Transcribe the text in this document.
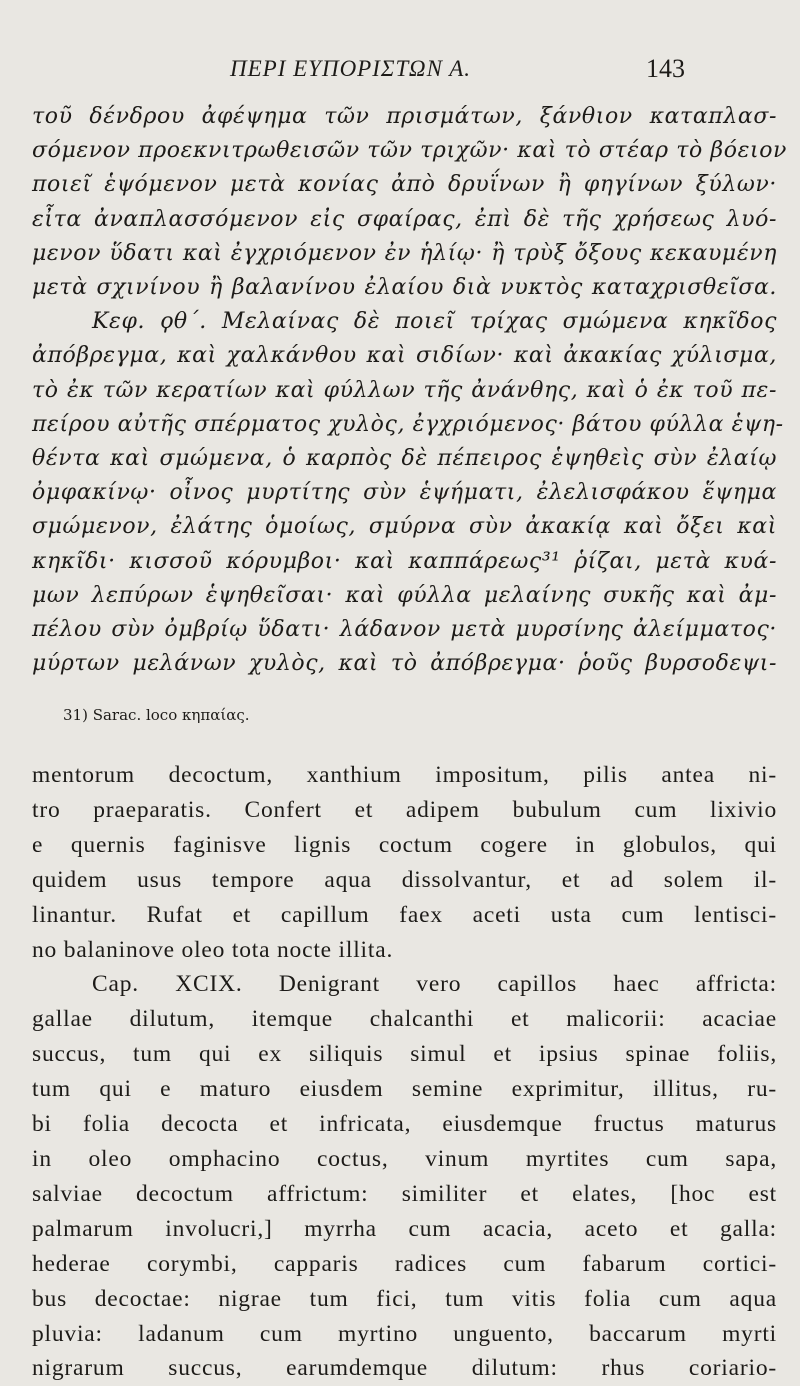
ΠΕΡΙ ΕΥΠΟΡΙΣΤΩΝ Α.	143
τοῦ δένδρου ἀφέψημα τῶν πρισμάτων, ξάνθιον καταπλασ-
σόμενον προεκνιτρωθεισῶν τῶν τριχῶν· καὶ τὸ στέαρ τὸ βόειον
ποιεῖ ἑψόμενον μετὰ κονίας ἀπὸ δρυΐνων ἢ φηγίνων ξύλων·
εἶτα ἀναπλασσόμενον εἰς σφαίρας, ἐπὶ δὲ τῆς χρήσεως λυό-
μενον ὕδατι καὶ ἐγχριόμενον ἐν ἡλίῳ· ἢ τρὺξ ὄξους κεκαυμένη
μετὰ σχινίνου ἢ βαλανίνου ἐλαίου διὰ νυκτὸς καταχρισθεῖσα.
Κεφ. ϙθ΄. Μελαίνας δὲ ποιεῖ τρίχας σμώμενα κηκῖδος
ἀπόβρεγμα, καὶ χαλκάνθου καὶ σιδίων· καὶ ἀκακίας χύλισμα,
τὸ ἐκ τῶν κερατίων καὶ φύλλων τῆς ἀνάνθης, καὶ ὁ ἐκ τοῦ πε-
πείρου αὐτῆς σπέρματος χυλὸς, ἐγχριόμενος· βάτου φύλλα ἑψη-
θέντα καὶ σμώμενα, ὁ καρπὸς δὲ πέπειρος ἑψηθεὶς σὺν ἐλαίῳ
ὀμφακίνῳ· οἶνος μυρτίτης σὺν ἑψήματι, ἐλελισφάκου ἕψημα
σμώμενον, ἐλάτης ὁμοίως, σμύρνα σὺν ἀκακίᾳ καὶ ὄξει καὶ
κηκῖδι· κισσοῦ κόρυμβοι· καὶ καππάρεως³¹ ῥίζαι, μετὰ κυά-
μων λεπύρων ἑψηθεῖσαι· καὶ φύλλα μελαίνης συκῆς καὶ ἀμ-
πέλου σὺν ὀμβρίῳ ὕδατι· λάδανον μετὰ μυρσίνης ἀλείμματος·
μύρτων μελάνων χυλὸς, καὶ τὸ ἀπόβρεγμα· ῥοῦς βυρσοδεψι-
31) Sarac. loco κηπαίας.
mentorum decoctum, xanthium impositum, pilis antea ni-
tro praeparatis. Confert et adipem bubulum cum lixivio
e quernis faginisve lignis coctum cogere in globulos, qui
quidem usus tempore aqua dissolvantur, et ad solem il-
linantur. Rufat et capillum faex aceti usta cum lentisci-
no balaninove oleo tota nocte illita.
Cap. XCIX. Denigrant vero capillos haec affricta:
gallae dilutum, itemque chalcanthi et malicorii: acaciae
succus, tum qui ex siliquis simul et ipsius spinae foliis,
tum qui e maturo eiusdem semine exprimitur, illitus, ru-
bi folia decocta et infricata, eiusdemque fructus maturus
in oleo omphacino coctus, vinum myrtites cum sapa,
salviae decoctum affrictum: similiter et elates, [hoc est
palmarum involucri,] myrrha cum acacia, aceto et galla:
hederae corymbi, capparis radices cum fabarum cortici-
bus decoctae: nigrae tum fici, tum vitis folia cum aqua
pluvia: ladanum cum myrtino unguento, baccarum myrti
nigrarum succus, earumdemque dilutum: rhus coriario-
